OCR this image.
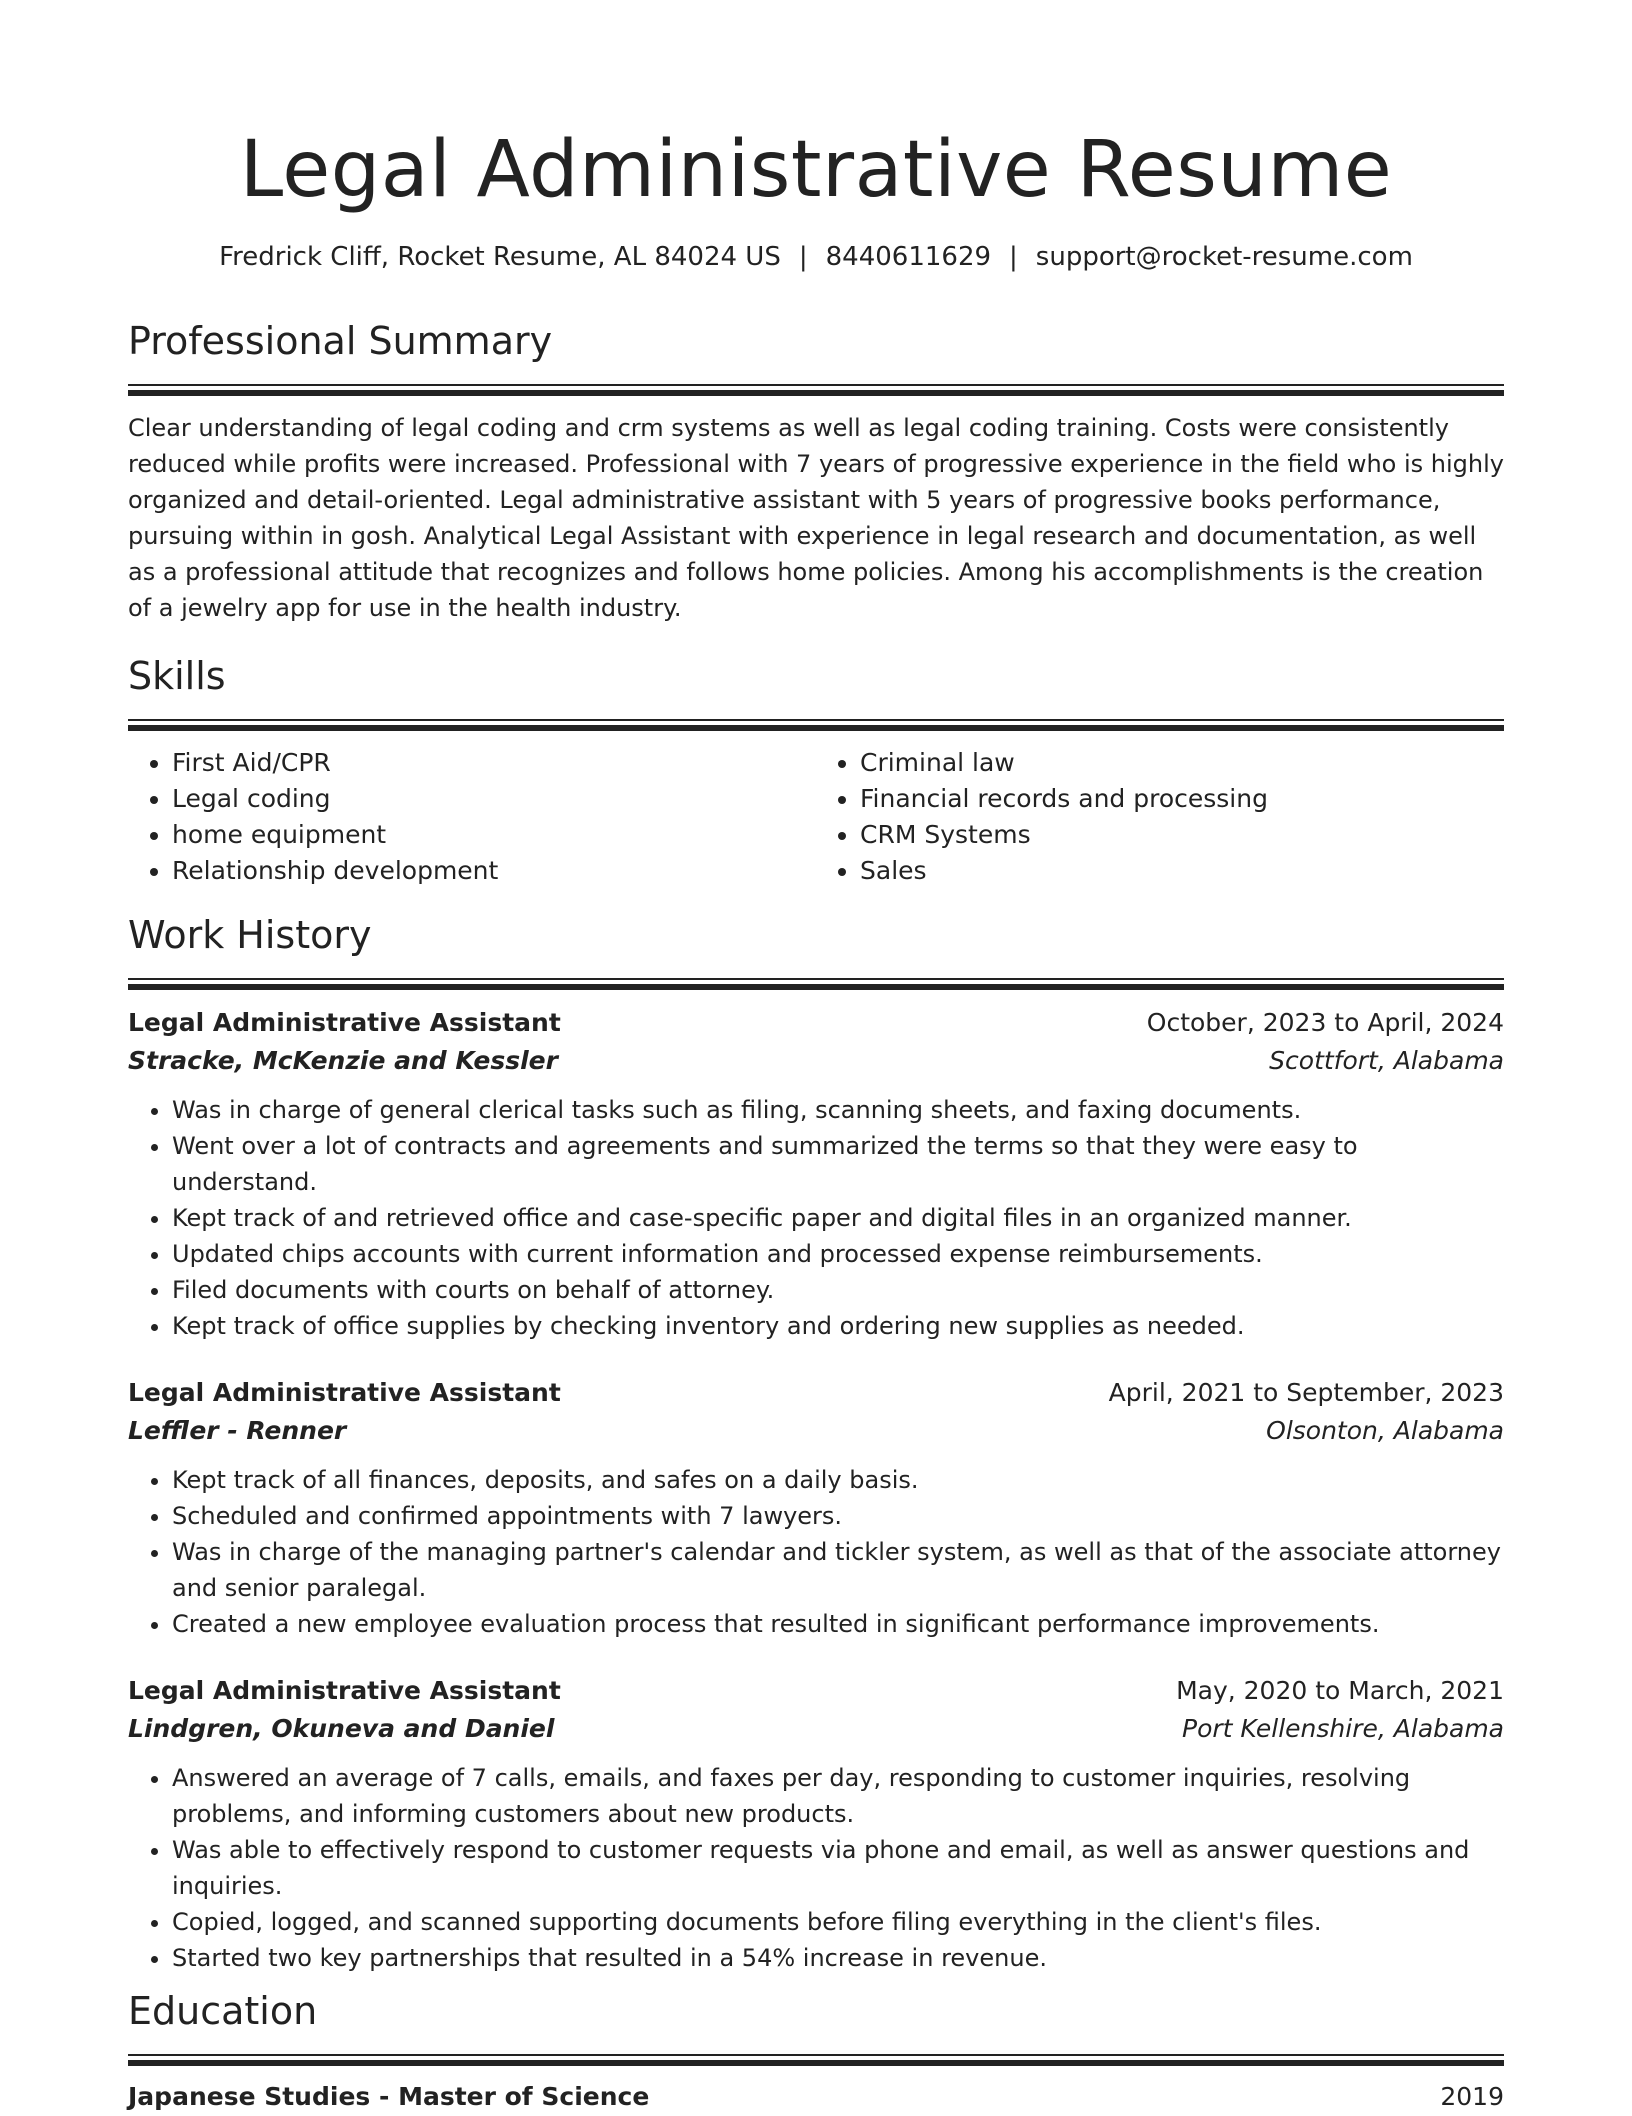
Legal Administrative Resume
Fredrick Cliff, Rocket Resume, AL 84024 US | 8440611629 | support@rocket-resume.com
Professional Summary

Clear understanding of legal coding and crm systems as well as legal coding training. Costs were consistently reduced while profits were increased. Professional with 7 years of progressive experience in the field who is highly organized and detail-oriented. Legal administrative assistant with 5 years of progressive books performance, pursuing within in gosh. Analytical Legal Assistant with experience in legal research and documentation, as well as a professional attitude that recognizes and follows home policies. Among his accomplishments is the creation of a jewelry app for use in the health industry.

Skills
• First Aid/CPR
• Legal coding
• home equipment
• Relationship development
• Criminal law
• Financial records and processing
• CRM Systems
• Sales
Work History
Legal Administrative Assistant	October, 2023 to April, 2024
Stracke, McKenzie and Kessler	Scottfort, Alabama
• Was in charge of general clerical tasks such as filing, scanning sheets, and faxing documents.
• Went over a lot of contracts and agreements and summarized the terms so that they were easy to understand.
• Kept track of and retrieved office and case-specific paper and digital files in an organized manner.
• Updated chips accounts with current information and processed expense reimbursements.
• Filed documents with courts on behalf of attorney.
• Kept track of office supplies by checking inventory and ordering new supplies as needed.
Legal Administrative Assistant	April, 2021 to September, 2023
Leffler - Renner	Olsonton, Alabama
• Kept track of all finances, deposits, and safes on a daily basis.
• Scheduled and confirmed appointments with 7 lawyers.
• Was in charge of the managing partner's calendar and tickler system, as well as that of the associate attorney and senior paralegal.
• Created a new employee evaluation process that resulted in significant performance improvements.
Legal Administrative Assistant	May, 2020 to March, 2021
Lindgren, Okuneva and Daniel	Port Kellenshire, Alabama
• Answered an average of 7 calls, emails, and faxes per day, responding to customer inquiries, resolving problems, and informing customers about new products.
• Was able to effectively respond to customer requests via phone and email, as well as answer questions and inquiries.
• Copied, logged, and scanned supporting documents before filing everything in the client's files.
• Started two key partnerships that resulted in a 54% increase in revenue.
Education
Japanese Studies - Master of Science	2019
